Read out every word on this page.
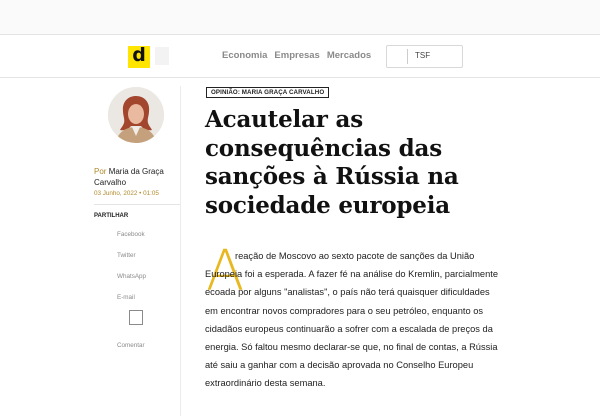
d	Economia Empresas Mercados	TSF
Por Maria da Graça Carvalho
03 Junho, 2022 • 01:05
PARTILHAR
Facebook
Twitter
WhatsApp
E-mail
Comentar
OPINIÃO: MARIA GRAÇA CARVALHO
Acautelar as consequências das sanções à Rússia na sociedade europeia
A

reação de Moscovo ao sexto pacote de sanções da União Europeia foi a esperada. A fazer fé na análise do Kremlin, parcialmente ecoada por alguns "analistas", o país não terá quaisquer dificuldades em encontrar novos compradores para o seu petróleo, enquanto os cidadãos europeus continuarão a sofrer com a escalada de preços da energia. Só faltou mesmo declarar-se que, no final de contas, a Rússia até saiu a ganhar com a decisão aprovada no Conselho Europeu extraordinário desta semana.
